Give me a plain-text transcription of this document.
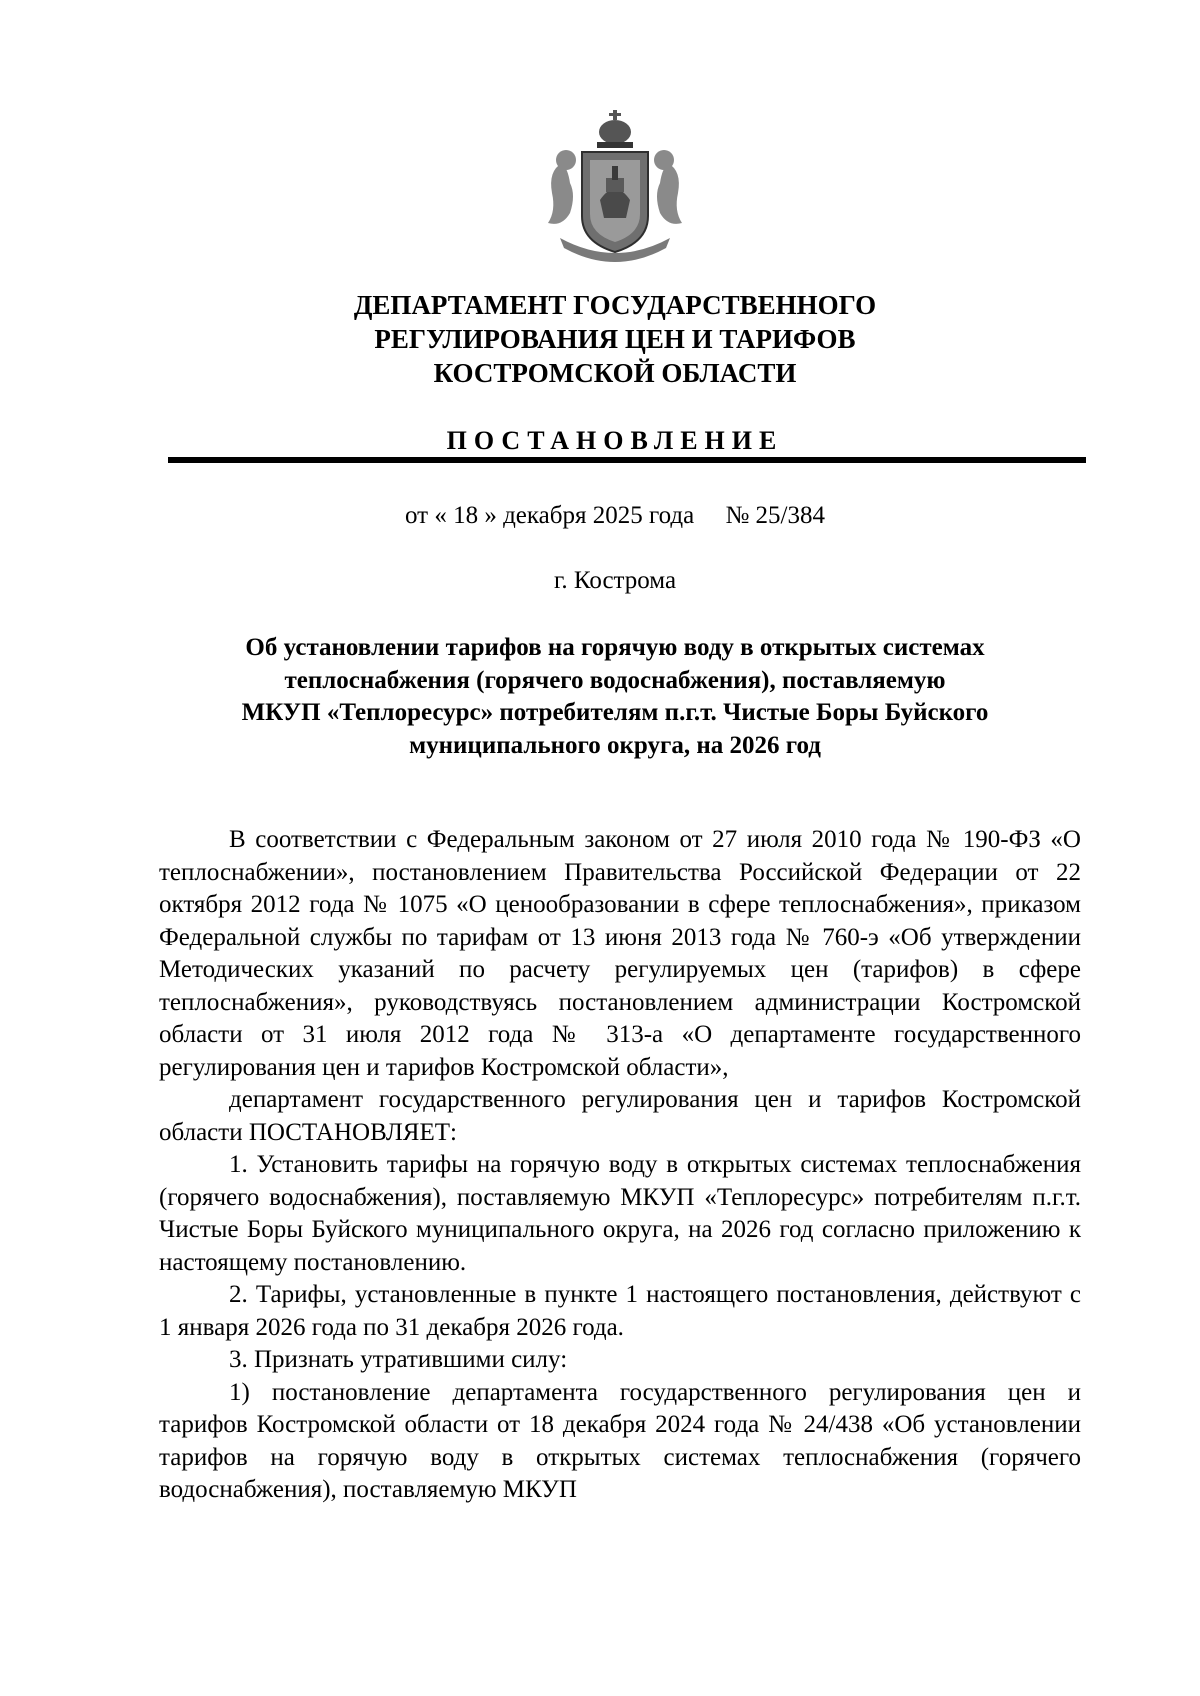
ДЕПАРТАМЕНТ ГОСУДАРСТВЕННОГО
РЕГУЛИРОВАНИЯ ЦЕН И ТАРИФОВ
КОСТРОМСКОЙ ОБЛАСТИ
ПОСТАНОВЛЕНИЕ
от « 18 » декабря 2025 года № 25/384
г. Кострома
Об установлении тарифов на горячую воду в открытых системах
теплоснабжения (горячего водоснабжения), поставляемую
МКУП «Теплоресурс» потребителям п.г.т. Чистые Боры Буйского
муниципального округа, на 2026 год

В соответствии с Федеральным законом от 27 июля 2010 года № 190-ФЗ «О теплоснабжении», постановлением Правительства Российской Федерации от 22 октября 2012 года № 1075 «О ценообразовании в сфере теплоснабжения», приказом Федеральной службы по тарифам от 13 июня 2013 года № 760-э «Об утверждении Методических указаний по расчету регулируемых цен (тарифов) в сфере теплоснабжения», руководствуясь постановлением администрации Костромской области от 31 июля 2012 года № 313-а «О департаменте государственного регулирования цен и тарифов Костромской области»,

департамент государственного регулирования цен и тарифов Костромской области ПОСТАНОВЛЯЕТ:

1. Установить тарифы на горячую воду в открытых системах теплоснабжения (горячего водоснабжения), поставляемую МКУП «Теплоресурс» потребителям п.г.т. Чистые Боры Буйского муниципального округа, на 2026 год согласно приложению к настоящему постановлению.

2. Тарифы, установленные в пункте 1 настоящего постановления, действуют с 1 января 2026 года по 31 декабря 2026 года.

3. Признать утратившими силу:

1) постановление департамента государственного регулирования цен и тарифов Костромской области от 18 декабря 2024 года № 24/438 «Об установлении тарифов на горячую воду в открытых системах теплоснабжения (горячего водоснабжения), поставляемую МКУП
